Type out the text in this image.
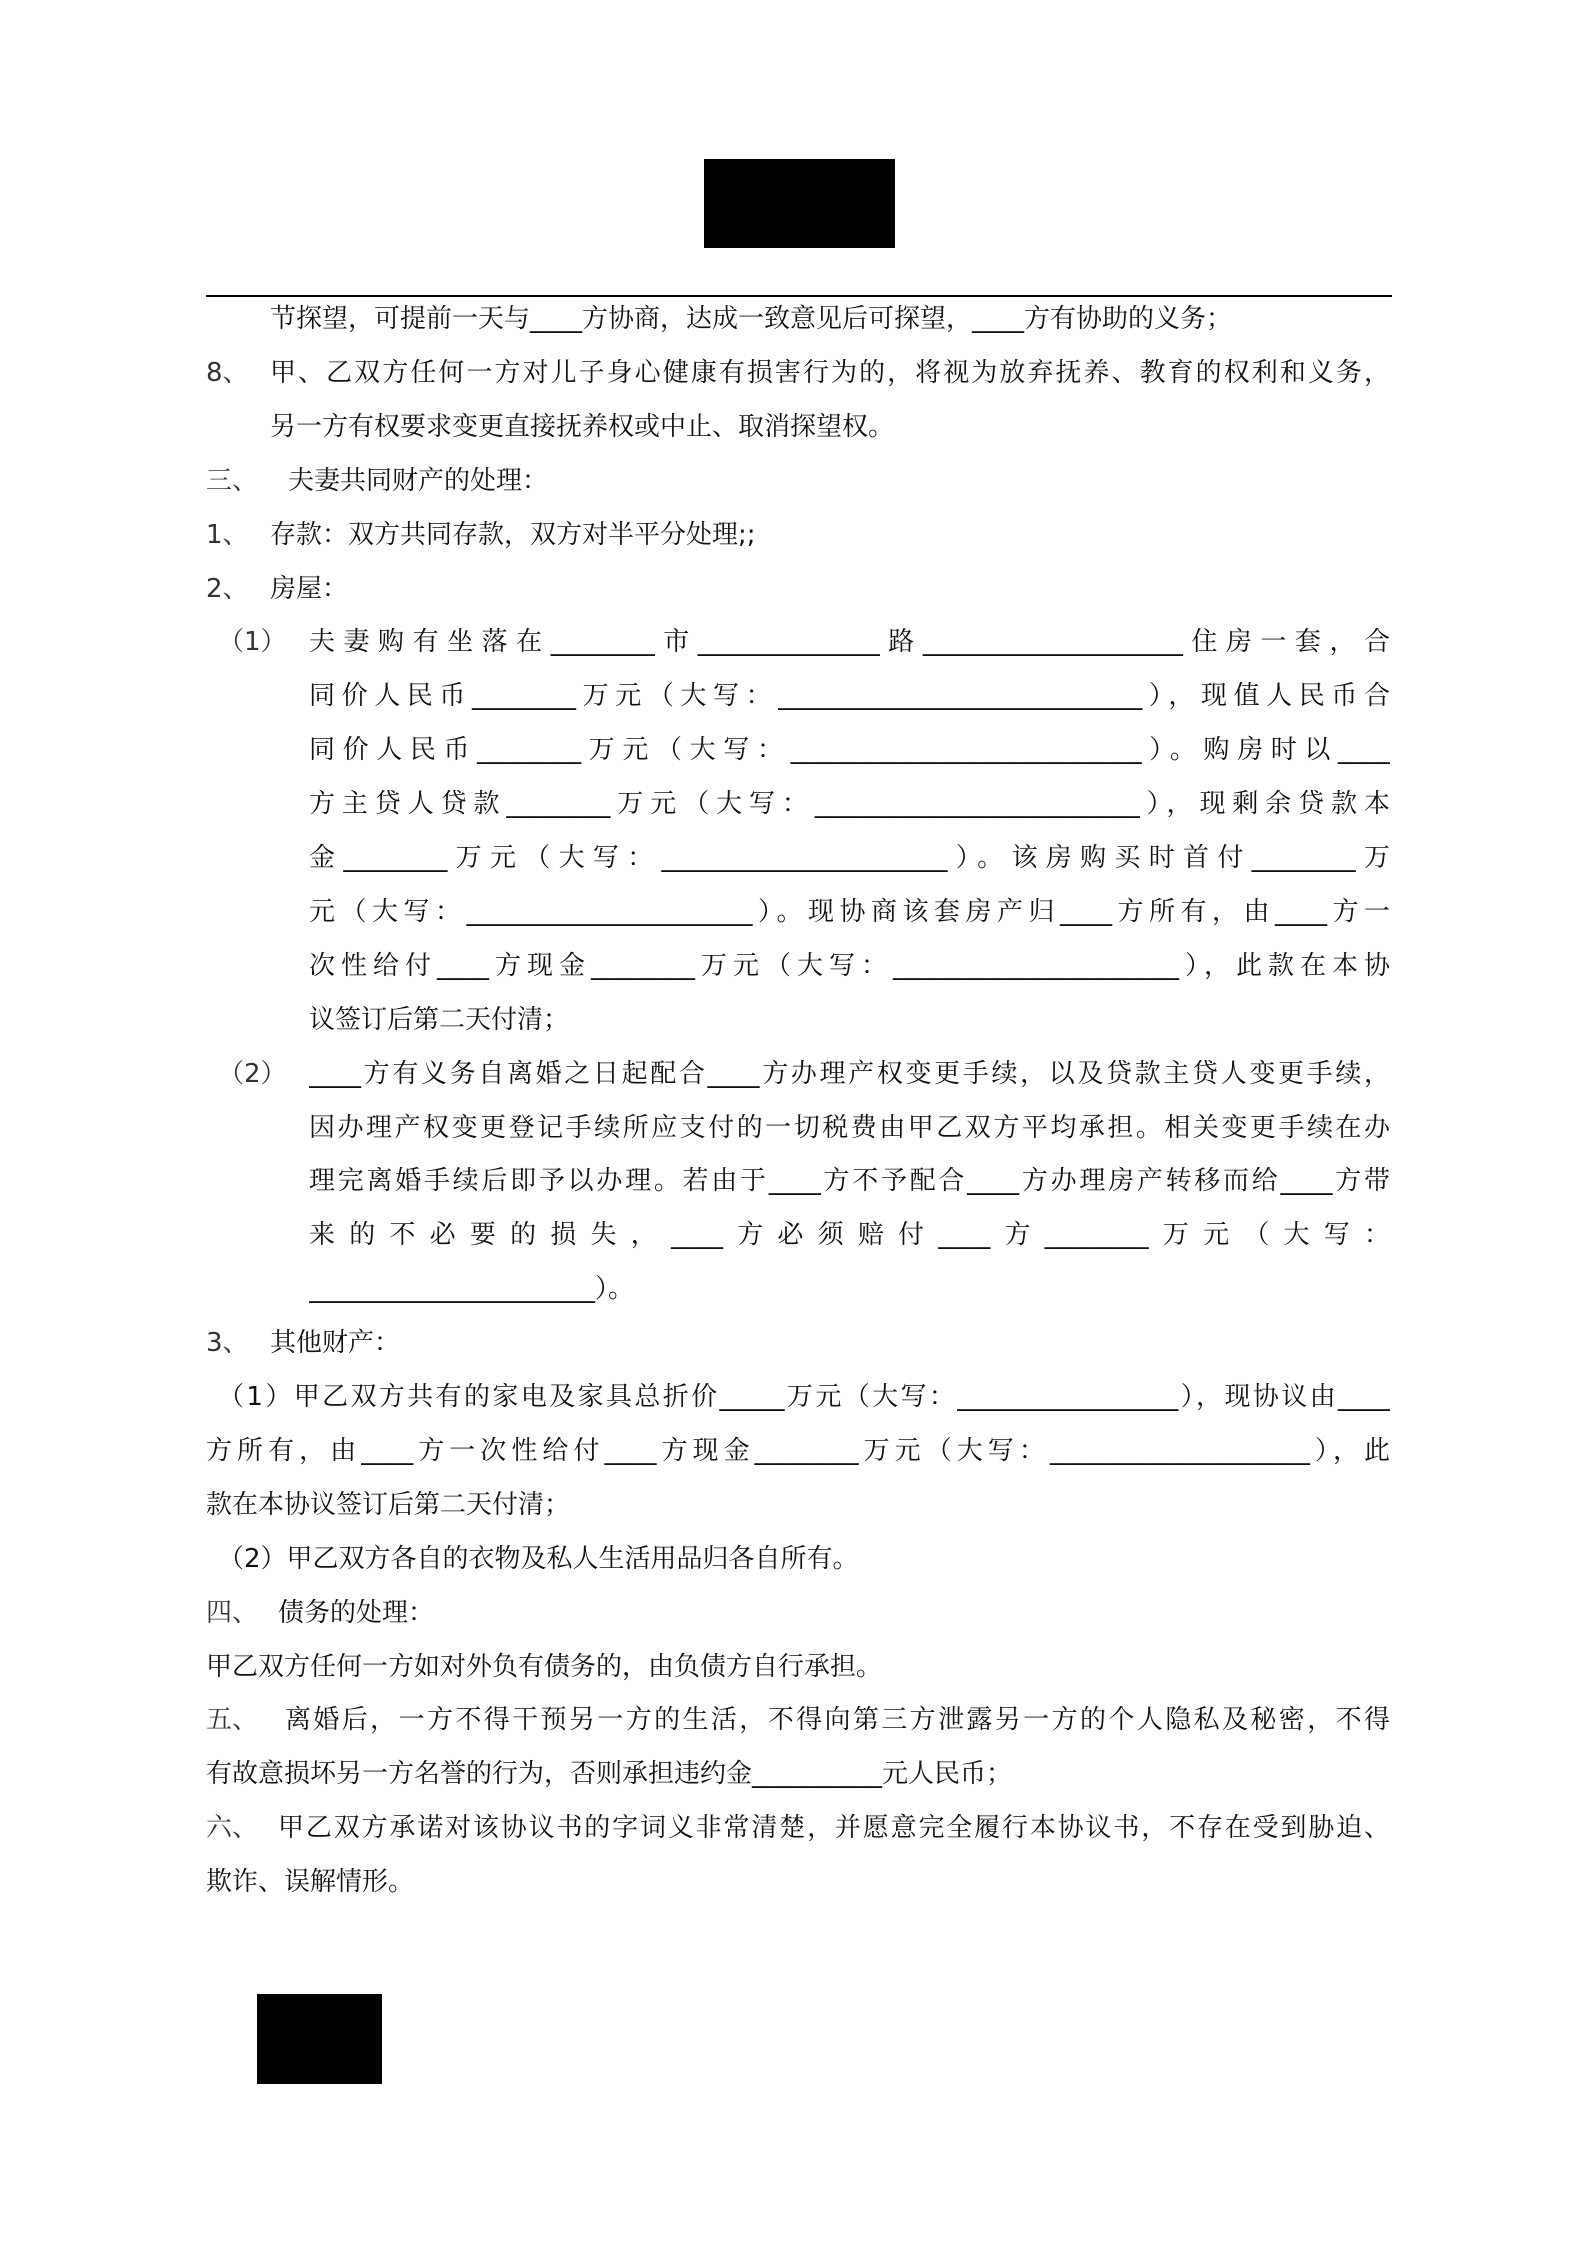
节探望，可提前一天与____方协商，达成一致意见后可探望，____方有协助的义务；
8、 甲、乙双方任何一方对儿子身心健康有损害行为的，将视为放弃抚养、教育的权利和义务，
另一方有权要求变更直接抚养权或中止、取消探望权。
三、 夫妻共同财产的处理：
1、 存款：双方共同存款，双方对半平分处理;;
2、 房屋：
（1） 夫妻购有坐落在________市______________路____________________住房一套，合
同价人民币________万元（大写：____________________________），现值人民币合
同价人民币________万元（大写：___________________________）。购房时以____
方主贷人贷款________万元（大写：_________________________），现剩余贷款本
金________万元（大写：______________________）。该房购买时首付________万
元（大写：______________________）。现协商该套房产归____方所有，由____方一
次性给付____方现金________万元（大写：______________________），此款在本协
议签订后第二天付清；
（2） ____方有义务自离婚之日起配合____方办理产权变更手续，以及贷款主贷人变更手续，
因办理产权变更登记手续所应支付的一切税费由甲乙双方平均承担。相关变更手续在办
理完离婚手续后即予以办理。若由于____方不予配合____方办理房产转移而给____方带
来的不必要的损失，____方必须赔付____方________万元（大写：
______________________）。
3、 其他财产：
（1）甲乙双方共有的家电及家具总折价_____万元（大写：_________________），现协议由____
方所有，由____方一次性给付____方现金________万元（大写：____________________），此
款在本协议签订后第二天付清；
（2）甲乙双方各自的衣物及私人生活用品归各自所有。
四、 债务的处理：
甲乙双方任何一方如对外负有债务的，由负债方自行承担。
五、 离婚后，一方不得干预另一方的生活，不得向第三方泄露另一方的个人隐私及秘密，不得
有故意损坏另一方名誉的行为，否则承担违约金__________元人民币；
六、 甲乙双方承诺对该协议书的字词义非常清楚，并愿意完全履行本协议书，不存在受到胁迫、
欺诈、误解情形。
